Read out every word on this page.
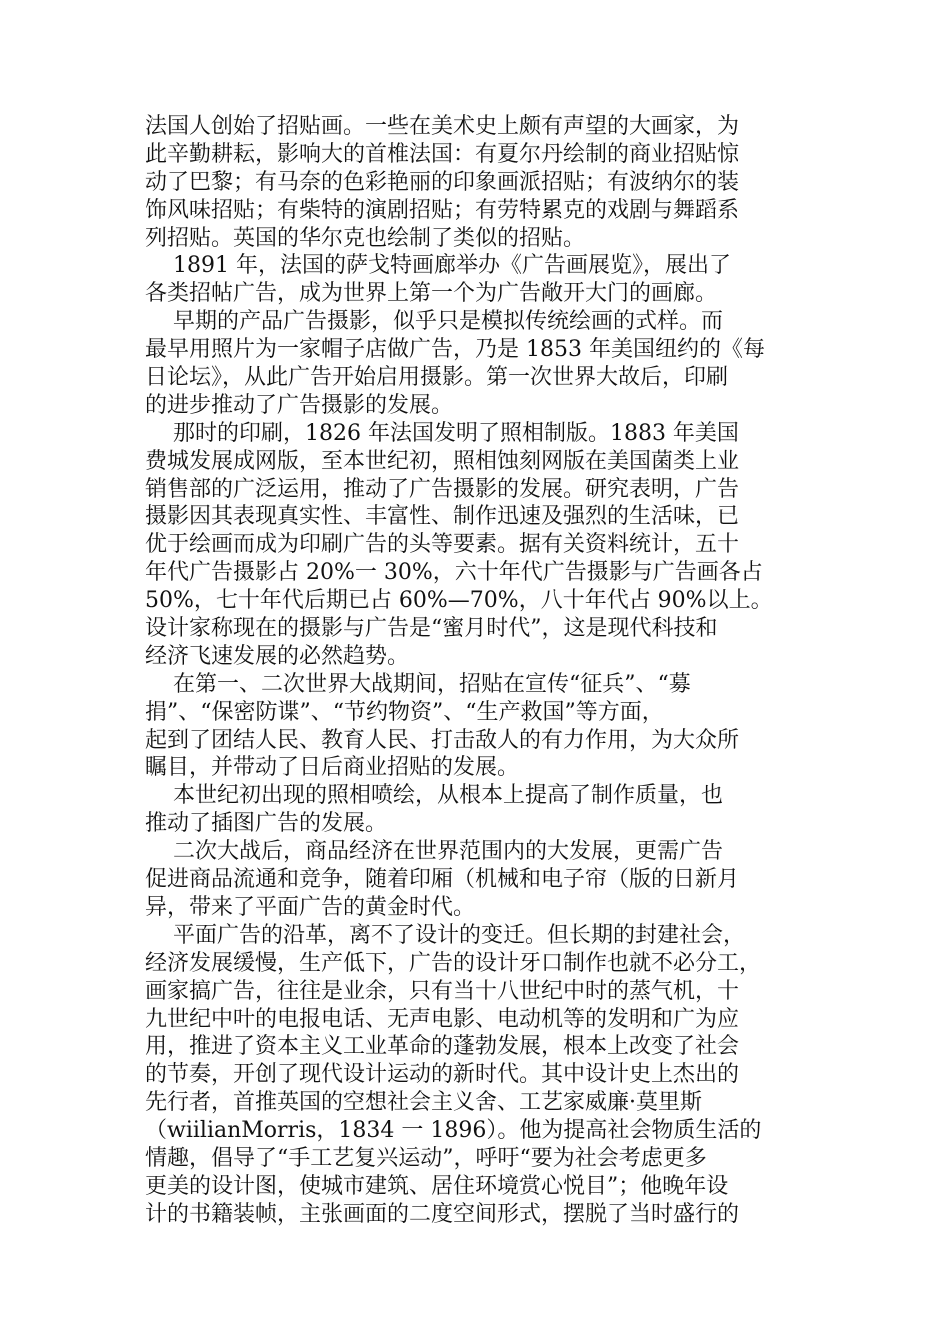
法国人创始了招贴画。一些在美术史上颇有声望的大画家，为
此辛勤耕耘，影响大的首椎法国：有夏尔丹绘制的商业招贴惊
动了巴黎；有马奈的色彩艳丽的印象画派招贴；有波纳尔的装
饰风味招贴；有柴特的演剧招贴；有劳特累克的戏剧与舞蹈系
列招贴。英国的华尔克也绘制了类似的招贴。
1891 年，法国的萨戈特画廊举办《广告画展览》，展出了
各类招帖广告，成为世界上第一个为广告敞开大门的画廊。
早期的产品广告摄影，似乎只是模拟传统绘画的式样。而
最早用照片为一家帽子店做广告，乃是 1853 年美国纽约的《每
日论坛》，从此广告开始启用摄影。第一次世界大故后，印刷
的进步推动了广告摄影的发展。
那时的印刷，1826 年法国发明了照相制版。1883 年美国
费城发展成网版，至本世纪初，照相蚀刻网版在美国菌类上业
销售部的广泛运用，推动了广告摄影的发展。研究表明，广告
摄影因其表现真实性、丰富性、制作迅速及强烈的生活味，已
优于绘画而成为印刷广告的头等要素。据有关资料统计，五十
年代广告摄影占 20%一 30%，六十年代广告摄影与广告画各占
50%，七十年代后期已占 60%—70%，八十年代占 90%以上。
设计家称现在的摄影与广告是“蜜月时代”，这是现代科技和
经济飞速发展的必然趋势。
在第一、二次世界大战期间，招贴在宣传“征兵”、“募
捐”、“保密防谍”、“节约物资”、“生产救国”等方面，
起到了团结人民、教育人民、打击敌人的有力作用，为大众所
瞩目，并带动了日后商业招贴的发展。
本世纪初出现的照相喷绘，从根本上提高了制作质量，也
推动了插图广告的发展。
二次大战后，商品经济在世界范围内的大发展，更需广告
促进商品流通和竞争，随着印厢（机械和电子帘（版的日新月
异，带来了平面广告的黄金时代。
平面广告的沿革，离不了设计的变迁。但长期的封建社会，
经济发展缓慢，生产低下，广告的设计牙口制作也就不必分工，
画家搞广告，往往是业余，只有当十八世纪中时的蒸气机，十
九世纪中叶的电报电话、无声电影、电动机等的发明和广为应
用，推进了资本主义工业革命的蓬勃发展，根本上改变了社会
的节奏，开创了现代设计运动的新时代。其中设计史上杰出的
先行者，首推英国的空想社会主义舍、工艺家威廉·莫里斯
（wiilianMorris，1834 一 1896）。他为提高社会物质生活的
情趣，倡导了“手工艺复兴运动”，呼吁“要为社会考虑更多
更美的设计图，使城市建筑、居住环境赏心悦目”；他晚年设
计的书籍装帧，主张画面的二度空间形式，摆脱了当时盛行的
